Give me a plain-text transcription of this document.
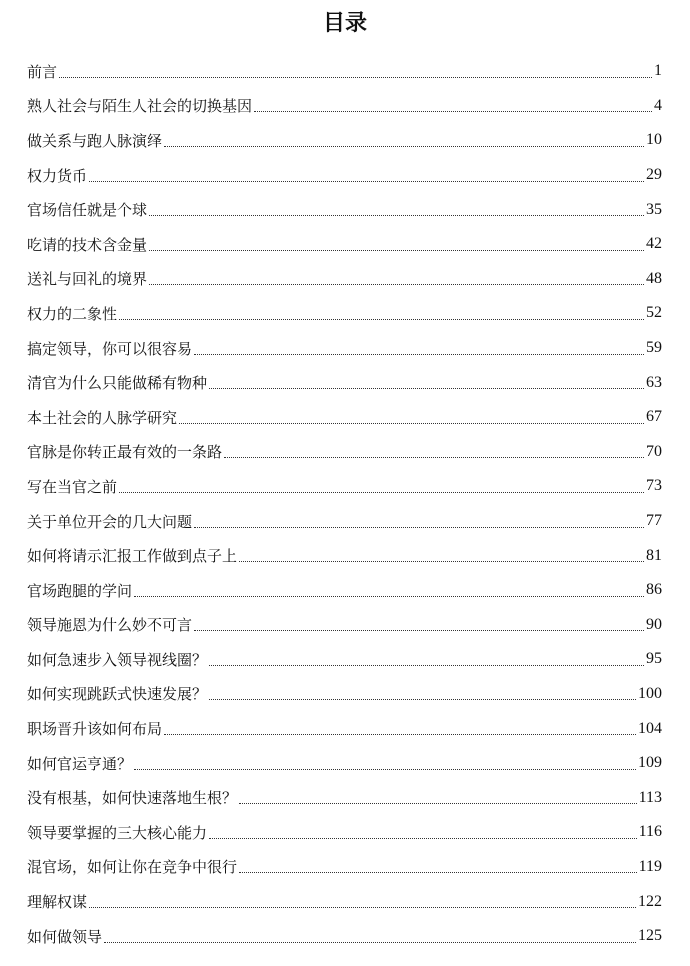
目录
前言	1
熟人社会与陌生人社会的切换基因	4
做关系与跑人脉演绎	10
权力货币	29
官场信任就是个球	35
吃请的技术含金量	42
送礼与回礼的境界	48
权力的二象性	52
搞定领导，你可以很容易	59
清官为什么只能做稀有物种	63
本土社会的人脉学研究	67
官脉是你转正最有效的一条路	70
写在当官之前	73
关于单位开会的几大问题	77
如何将请示汇报工作做到点子上	81
官场跑腿的学问	86
领导施恩为什么妙不可言	90
如何急速步入领导视线圈？	95
如何实现跳跃式快速发展？	100
职场晋升该如何布局	104
如何官运亨通？	109
没有根基，如何快速落地生根？	113
领导要掌握的三大核心能力	116
混官场，如何让你在竞争中很行	119
理解权谋	122
如何做领导	125
